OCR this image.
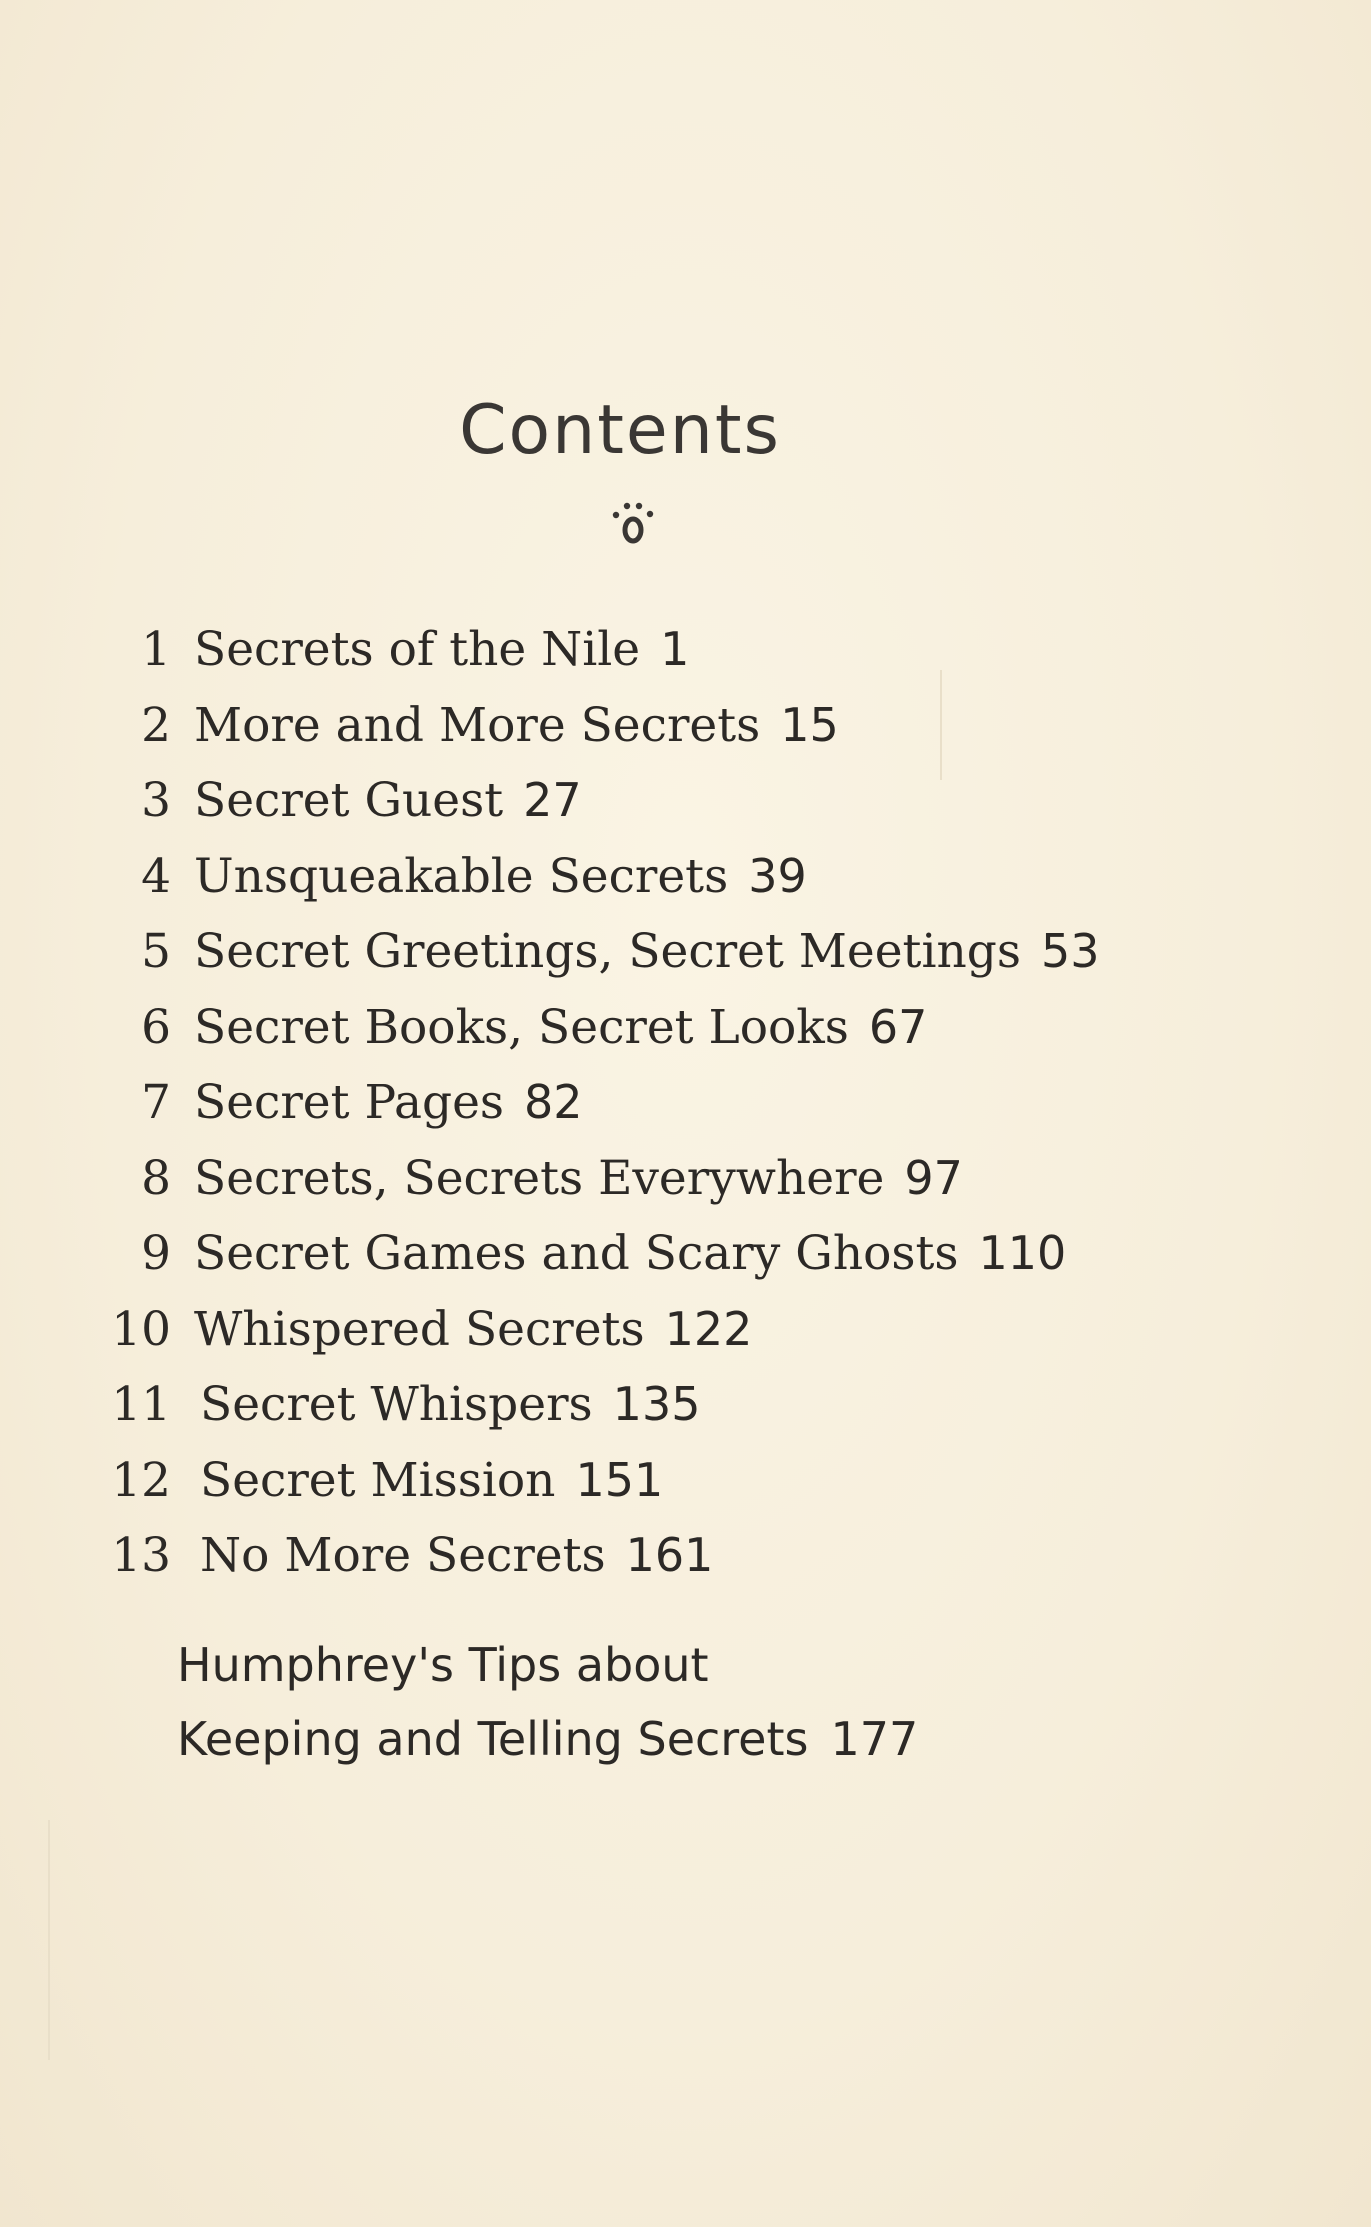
Contents
1 Secrets of the Nile 1
2 More and More Secrets 15
3 Secret Guest 27
4 Unsqueakable Secrets 39
5 Secret Greetings, Secret Meetings 53
6 Secret Books, Secret Looks 67
7 Secret Pages 82
8 Secrets, Secrets Everywhere 97
9 Secret Games and Scary Ghosts 110
10 Whispered Secrets 122
11 Secret Whispers 135
12 Secret Mission 151
13 No More Secrets 161
Humphrey's Tips about
Keeping and Telling Secrets 177
